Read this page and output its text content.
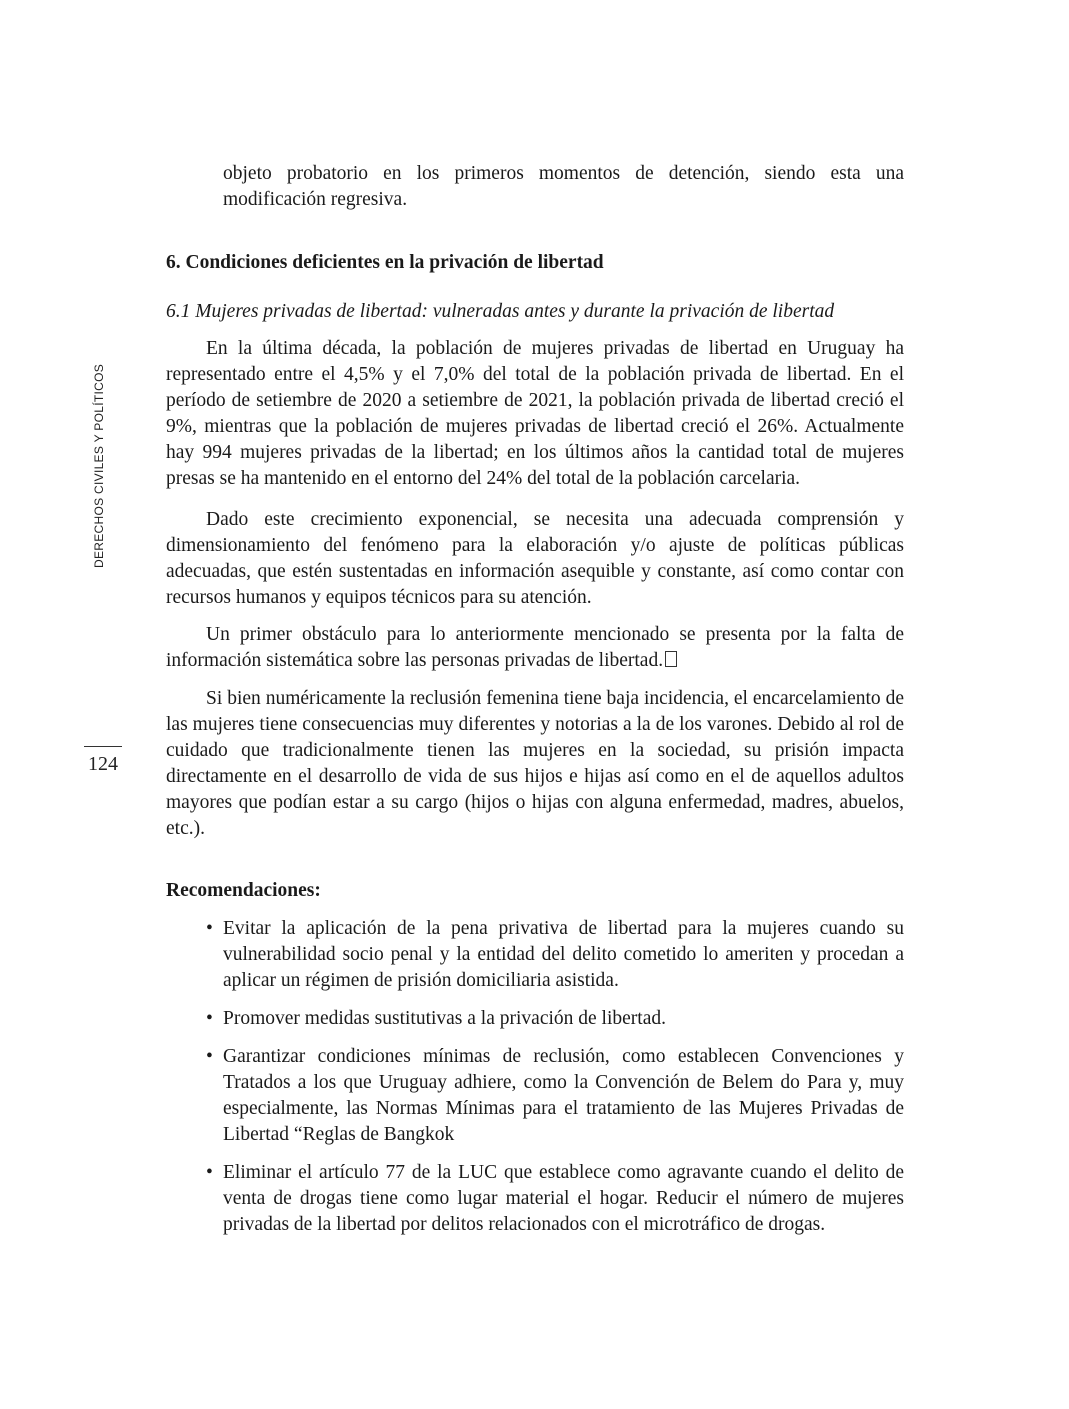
DERECHOS CIVILES Y POLÍTICOS
124

objeto probatorio en los primeros momentos de detención, siendo esta una modificación regresiva.

6. Condiciones deficientes en la privación de libertad
6.1 Mujeres privadas de libertad: vulneradas antes y durante la privación de libertad

En la última década, la población de mujeres privadas de libertad en Uruguay ha representado entre el 4,5% y el 7,0% del total de la población privada de libertad. En el período de setiembre de 2020 a setiembre de 2021, la población privada de libertad creció el 9%, mientras que la población de mujeres privadas de libertad creció el 26%. Actualmente hay 994 mujeres privadas de la libertad; en los últimos años la cantidad total de mujeres presas se ha mantenido en el entorno del 24% del total de la población carcelaria.

Dado este crecimiento exponencial, se necesita una adecuada comprensión y dimensionamiento del fenómeno para la elaboración y/o ajuste de políticas públicas adecuadas, que estén sustentadas en información asequible y constante, así como contar con recursos humanos y equipos técnicos para su atención.

Un primer obstáculo para lo anteriormente mencionado se presenta por la falta de información sistemática sobre las personas privadas de libertad.

Si bien numéricamente la reclusión femenina tiene baja incidencia, el encarcelamiento de las mujeres tiene consecuencias muy diferentes y notorias a la de los varones. Debido al rol de cuidado que tradicionalmente tienen las mujeres en la sociedad, su prisión impacta directamente en el desarrollo de vida de sus hijos e hijas así como en el de aquellos adultos mayores que podían estar a su cargo (hijos o hijas con alguna enfermedad, madres, abuelos, etc.).

Recomendaciones:
• Evitar la aplicación de la pena privativa de libertad para la mujeres cuando su vulnerabilidad socio penal y la entidad del delito cometido lo ameriten y procedan a aplicar un régimen de prisión domiciliaria asistida.
• Promover medidas sustitutivas a la privación de libertad.
• Garantizar condiciones mínimas de reclusión, como establecen Convenciones y Tratados a los que Uruguay adhiere, como la Convención de Belem do Para y, muy especialmente, las Normas Mínimas para el tratamiento de las Mujeres Privadas de Libertad “Reglas de Bangkok
• Eliminar el artículo 77 de la LUC que establece como agravante cuando el delito de venta de drogas tiene como lugar material el hogar. Reducir el número de mujeres privadas de la libertad por delitos relacionados con el microtráfico de drogas.
